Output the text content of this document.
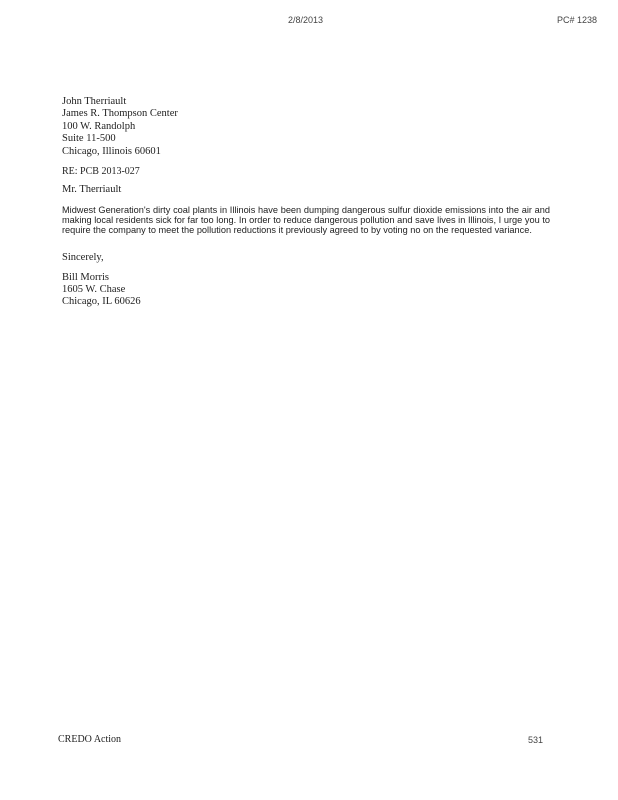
2/8/2013	PC# 1238
John Therriault
James R. Thompson Center
100 W. Randolph
Suite 11-500
Chicago, Illinois 60601
RE: PCB 2013-027
Mr. Therriault

Midwest Generation's dirty coal plants in Illinois have been dumping dangerous sulfur dioxide emissions into the air and making local residents sick for far too long. In order to reduce dangerous pollution and save lives in Illinois, I urge you to require the company to meet the pollution reductions it previously agreed to by voting no on the requested variance.

Sincerely,
Bill Morris
1605 W. Chase
Chicago, IL 60626
CREDO Action	531
